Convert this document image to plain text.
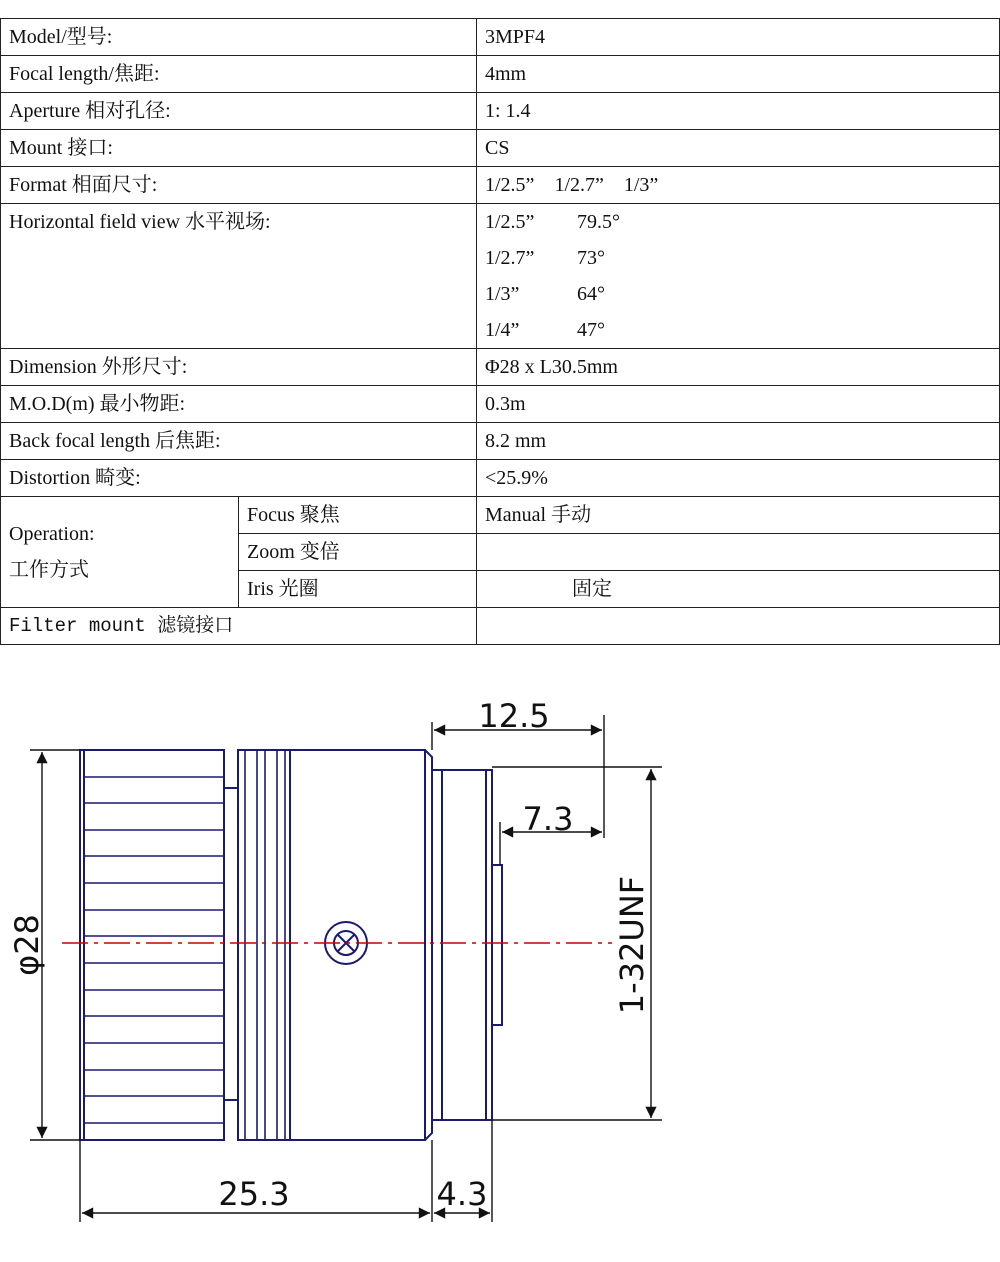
Model/型号:		3MPF4
Focal length/焦距:		4mm
Aperture 相对孔径:		1: 1.4
Mount 接口:		CS
Format 相面尺寸:		1/2.5” 1/2.7” 1/3”
Horizontal field view 水平视场:		1/2.5” 79.5°
1/2.7” 73°
1/3” 64°
1/4” 47°

Dimension 外形尺寸:		Φ28 x L30.5mm
M.O.D(m) 最小物距:		0.3m
Back focal length 后焦距:		8.2 mm
Distortion 畸变:		<25.9%

Operation:
工作方式	Focus 聚焦	Manual 手动
	Zoom 变倍	
	Iris 光圈	固定
Filter mount 滤镜接口		
12.5
7.3
φ28	1-32UNF
25.3	4.3
